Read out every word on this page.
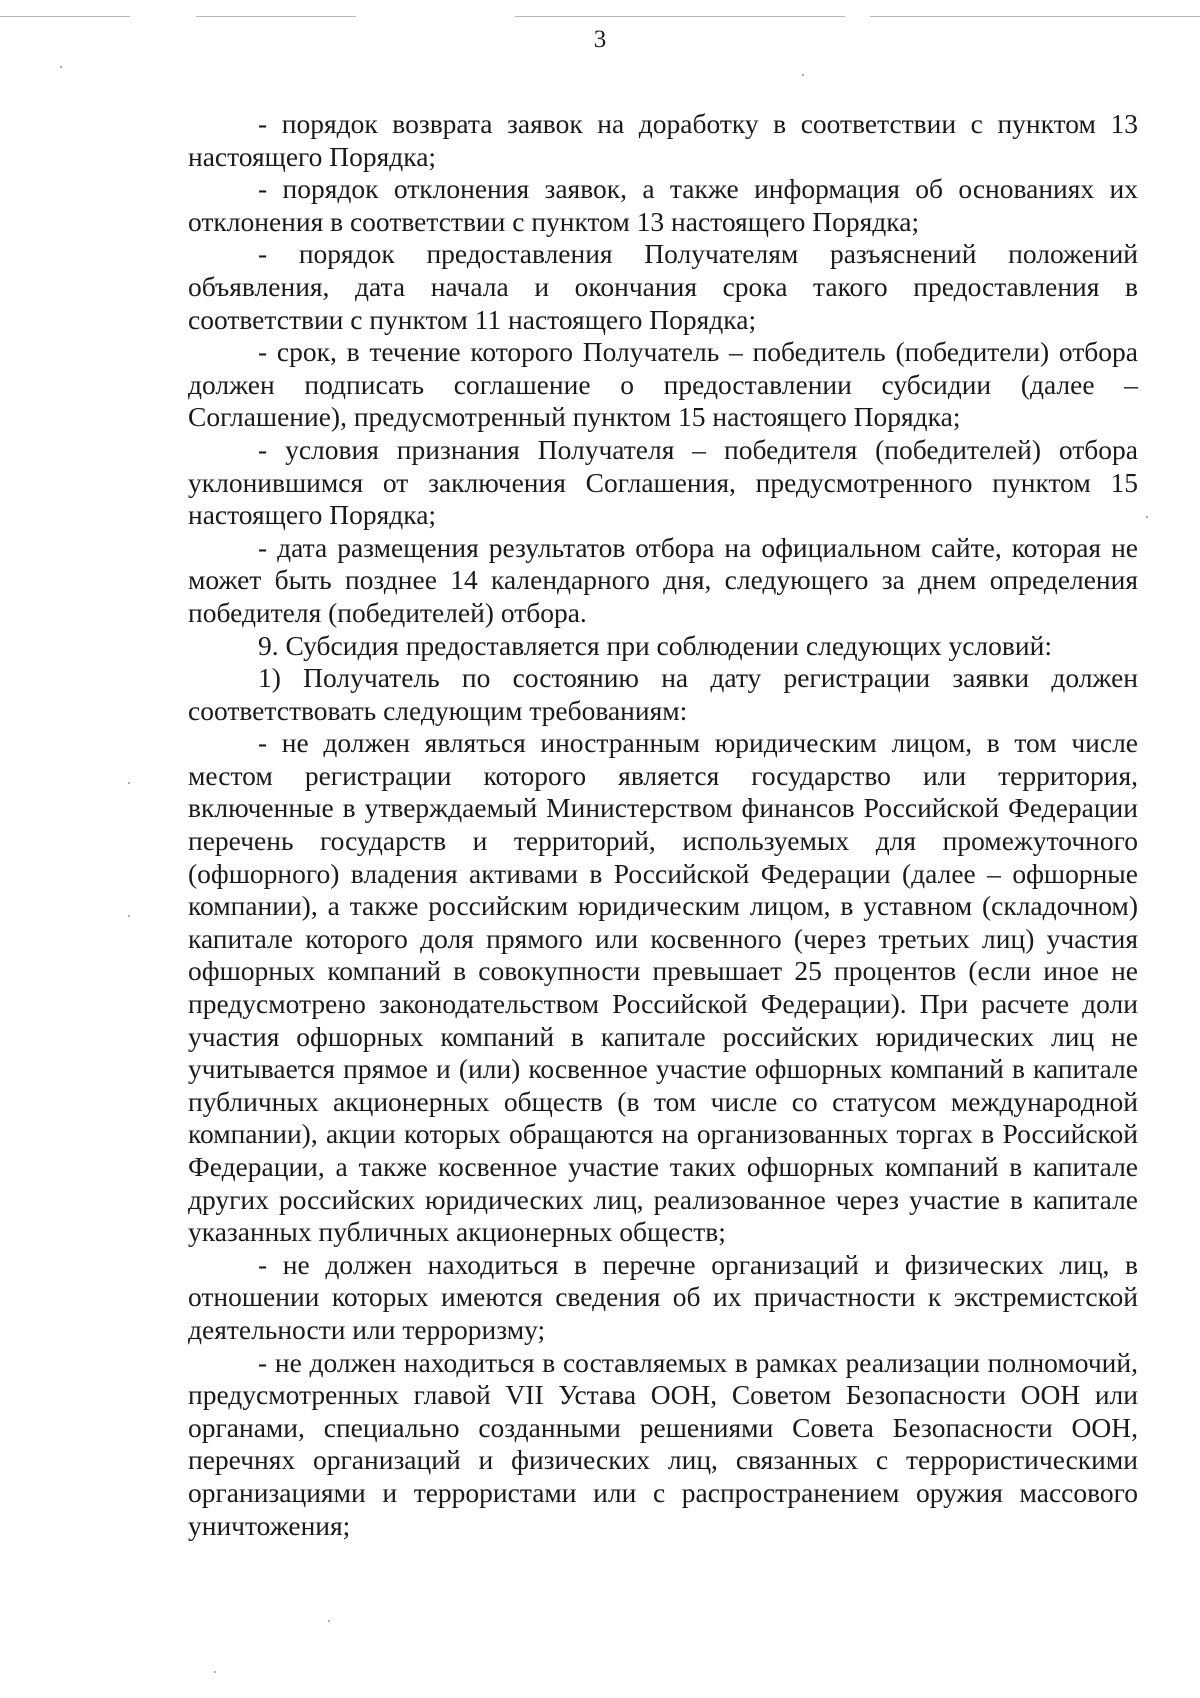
3

- порядок возврата заявок на доработку в соответствии с пунктом 13 настоящего Порядка;

- порядок отклонения заявок, а также информация об основаниях их отклонения в соответствии с пунктом 13 настоящего Порядка;

- порядок предоставления Получателям разъяснений положений объявления, дата начала и окончания срока такого предоставления в соответствии с пунктом 11 настоящего Порядка;

- срок, в течение которого Получатель – победитель (победители) отбора должен подписать соглашение о предоставлении субсидии (далее – Соглашение), предусмотренный пунктом 15 настоящего Порядка;

- условия признания Получателя – победителя (победителей) отбора уклонившимся от заключения Соглашения, предусмотренного пунктом 15 настоящего Порядка;

- дата размещения результатов отбора на официальном сайте, которая не может быть позднее 14 календарного дня, следующего за днем определения победителя (победителей) отбора.

9. Субсидия предоставляется при соблюдении следующих условий:

1) Получатель по состоянию на дату регистрации заявки должен соответствовать следующим требованиям:

- не должен являться иностранным юридическим лицом, в том числе местом регистрации которого является государство или территория, включенные в утверждаемый Министерством финансов Российской Федерации перечень государств и территорий, используемых для промежуточного (офшорного) владения активами в Российской Федерации (далее – офшорные компании), а также российским юридическим лицом, в уставном (складочном) капитале которого доля прямого или косвенного (через третьих лиц) участия офшорных компаний в совокупности превышает 25 процентов (если иное не предусмотрено законодательством Российской Федерации). При расчете доли участия офшорных компаний в капитале российских юридических лиц не учитывается прямое и (или) косвенное участие офшорных компаний в капитале публичных акционерных обществ (в том числе со статусом международной компании), акции которых обращаются на организованных торгах в Российской Федерации, а также косвенное участие таких офшорных компаний в капитале других российских юридических лиц, реализованное через участие в капитале указанных публичных акционерных обществ;

- не должен находиться в перечне организаций и физических лиц, в отношении которых имеются сведения об их причастности к экстремистской деятельности или терроризму;

- не должен находиться в составляемых в рамках реализации полномочий, предусмотренных главой VII Устава ООН, Советом Безопасности ООН или органами, специально созданными решениями Совета Безопасности ООН, перечнях организаций и физических лиц, связанных с террористическими организациями и террористами или с распространением оружия массового уничтожения;
